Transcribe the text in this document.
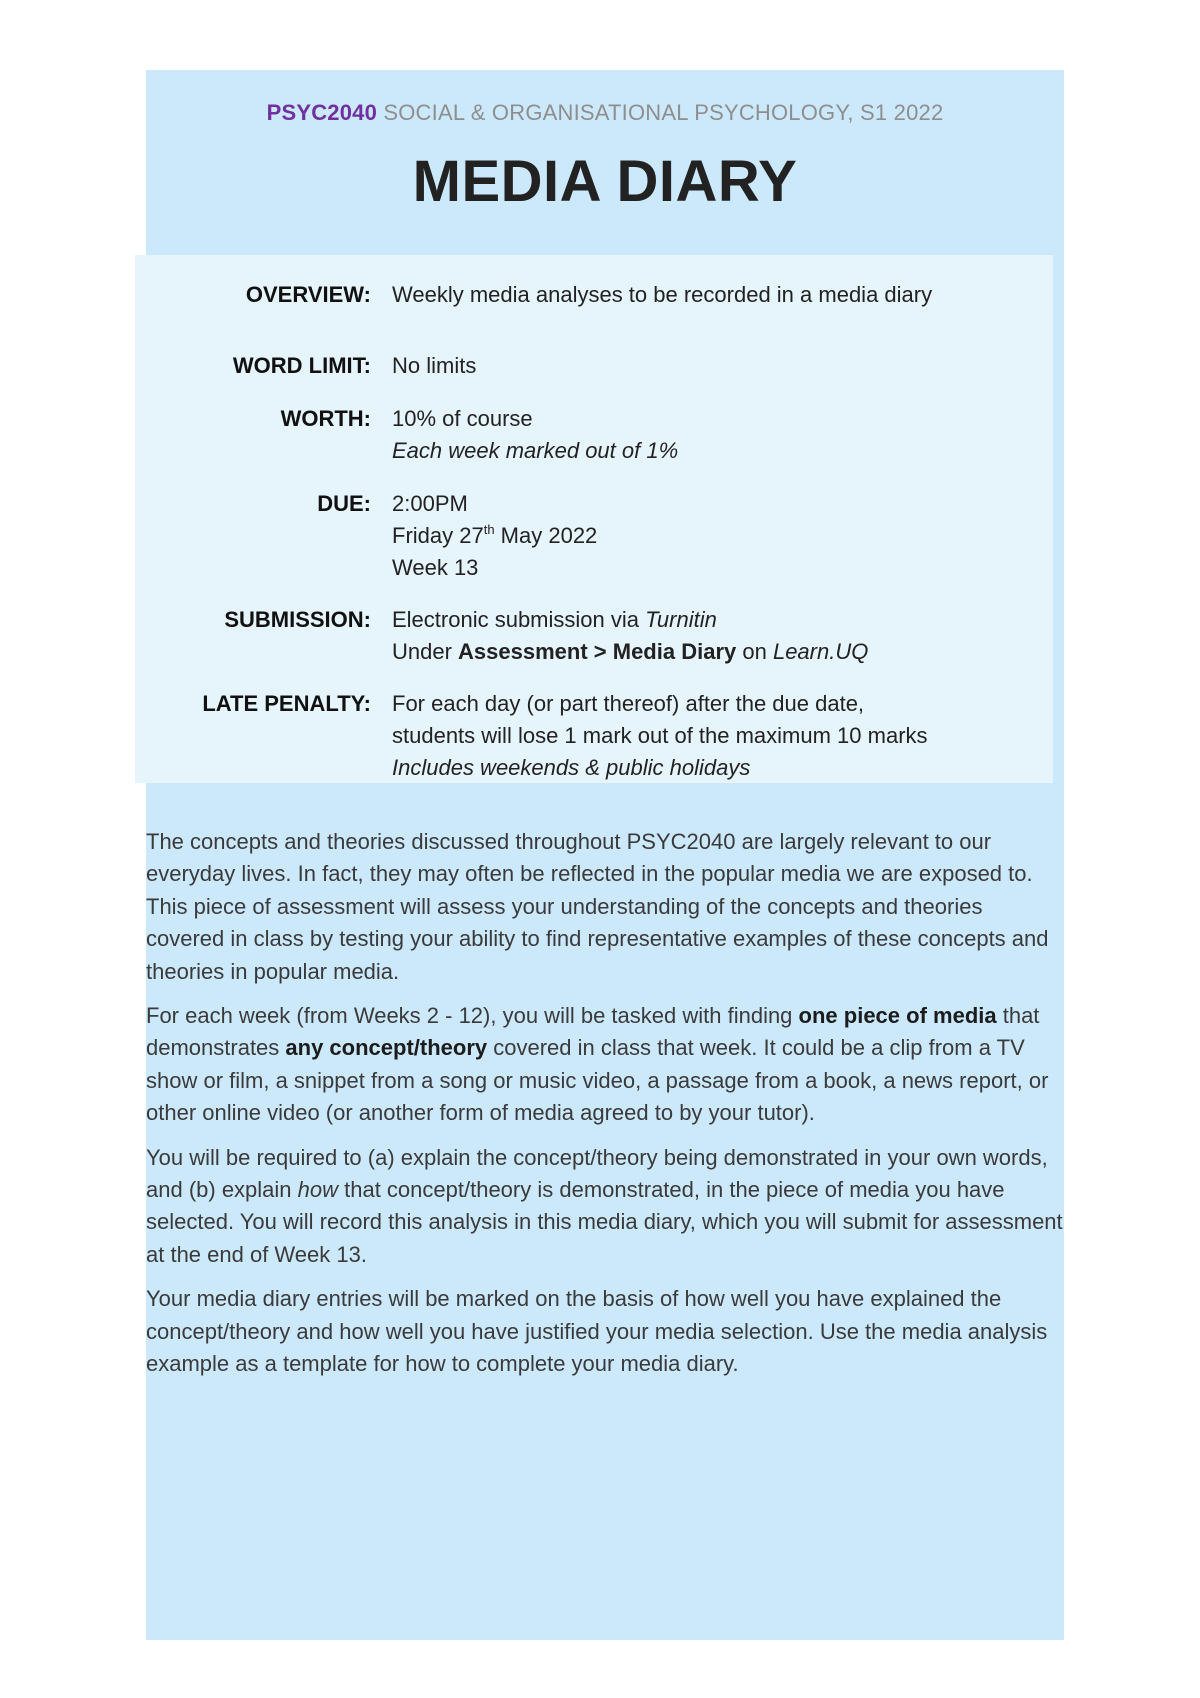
PSYC2040 SOCIAL & ORGANISATIONAL PSYCHOLOGY, S1 2022
MEDIA DIARY
OVERVIEW: Weekly media analyses to be recorded in a media diary
WORD LIMIT: No limits
WORTH: 10% of course
Each week marked out of 1%
DUE: 2:00PM
Friday 27th May 2022
Week 13
SUBMISSION: Electronic submission via Turnitin
Under Assessment > Media Diary on Learn.UQ
LATE PENALTY: For each day (or part thereof) after the due date,
students will lose 1 mark out of the maximum 10 marks
Includes weekends & public holidays

The concepts and theories discussed throughout PSYC2040 are largely relevant to our everyday lives. In fact, they may often be reflected in the popular media we are exposed to. This piece of assessment will assess your understanding of the concepts and theories covered in class by testing your ability to find representative examples of these concepts and theories in popular media.

For each week (from Weeks 2 - 12), you will be tasked with finding one piece of media that demonstrates any concept/theory covered in class that week. It could be a clip from a TV show or film, a snippet from a song or music video, a passage from a book, a news report, or other online video (or another form of media agreed to by your tutor).

You will be required to (a) explain the concept/theory being demonstrated in your own words, and (b) explain how that concept/theory is demonstrated, in the piece of media you have selected. You will record this analysis in this media diary, which you will submit for assessment at the end of Week 13.

Your media diary entries will be marked on the basis of how well you have explained the concept/theory and how well you have justified your media selection. Use the media analysis example as a template for how to complete your media diary.
